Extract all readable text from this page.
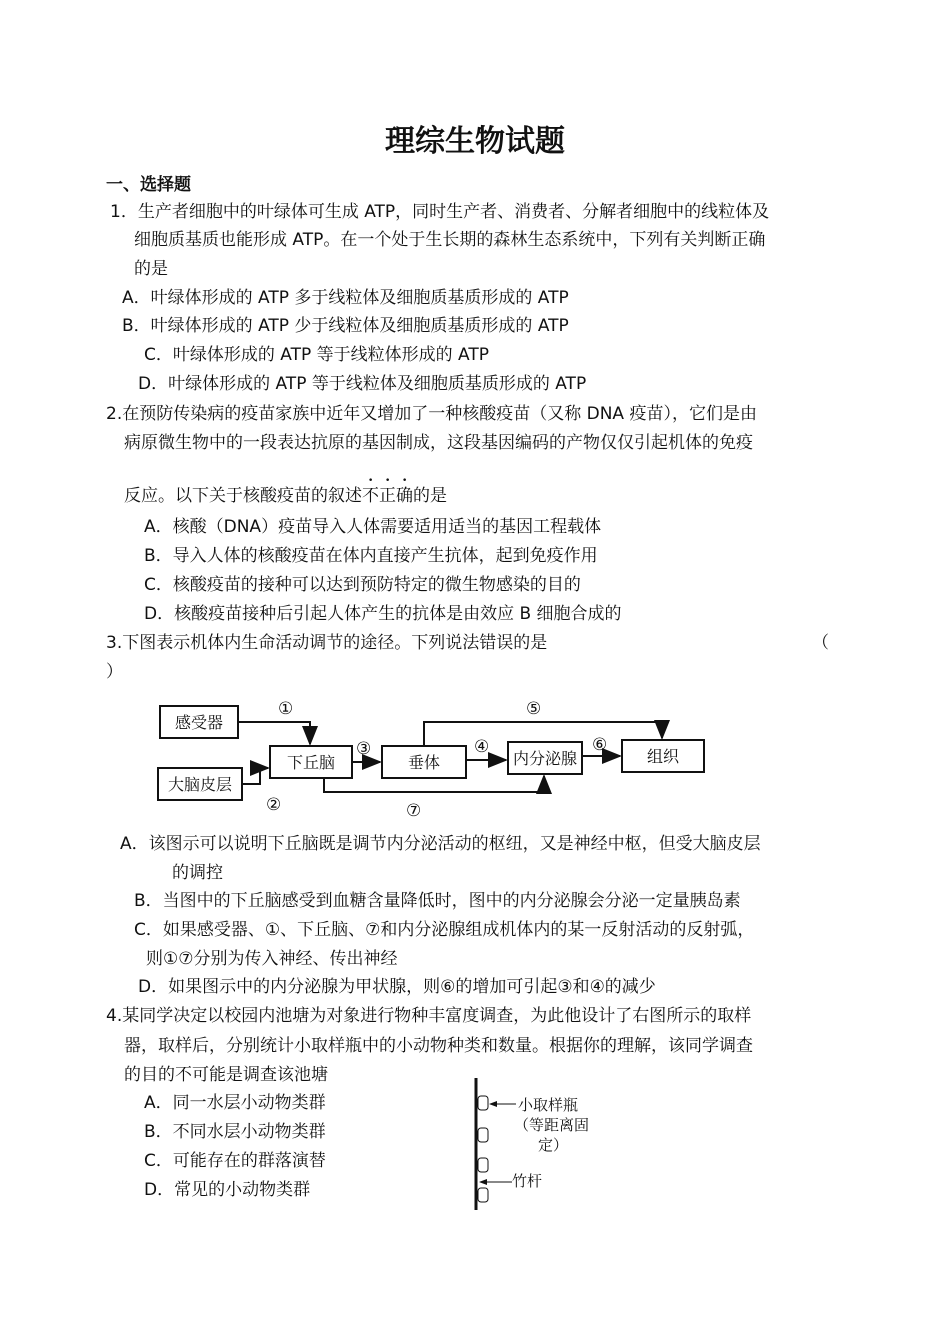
理综生物试题
一、选择题
1．生产者细胞中的叶绿体可生成 ATP，同时生产者、消费者、分解者细胞中的线粒体及
细胞质基质也能形成 ATP。在一个处于生长期的森林生态系统中，下列有关判断正确
的是
A．叶绿体形成的 ATP 多于线粒体及细胞质基质形成的 ATP
B．叶绿体形成的 ATP 少于线粒体及细胞质基质形成的 ATP
C．叶绿体形成的 ATP 等于线粒体形成的 ATP
D．叶绿体形成的 ATP 等于线粒体及细胞质基质形成的 ATP
2.在预防传染病的疫苗家族中近年又增加了一种核酸疫苗（又称 DNA 疫苗），它们是由
病原微生物中的一段表达抗原的基因制成，这段基因编码的产物仅仅引起机体的免疫
反应。以下关于核酸疫苗的叙述不正确的是
A．核酸（DNA）疫苗导入人体需要适用适当的基因工程载体
B．导入人体的核酸疫苗在体内直接产生抗体，起到免疫作用
C．核酸疫苗的接种可以达到预防特定的微生物感染的目的
D．核酸疫苗接种后引起人体产生的抗体是由效应 B 细胞合成的
3.下图表示机体内生命活动调节的途径。下列说法错误的是	（
）
感受器
大脑皮层
下丘脑	垂体	内分泌腺	组织
①
②
③	④
⑤
⑥
⑦
A．该图示可以说明下丘脑既是调节内分泌活动的枢纽，又是神经中枢，但受大脑皮层
的调控
B．当图中的下丘脑感受到血糖含量降低时，图中的内分泌腺会分泌一定量胰岛素
C．如果感受器、①、下丘脑、⑦和内分泌腺组成机体内的某一反射活动的反射弧，
则①⑦分别为传入神经、传出神经
D．如果图示中的内分泌腺为甲状腺，则⑥的增加可引起③和④的减少
4.某同学决定以校园内池塘为对象进行物种丰富度调查，为此他设计了右图所示的取样
器，取样后，分别统计小取样瓶中的小动物种类和数量。根据你的理解，该同学调查
的目的不可能是调查该池塘
A．同一水层小动物类群
B．不同水层小动物类群
C．可能存在的群落演替
D．常见的小动物类群
小取样瓶
（等距离固
定）
竹杆
